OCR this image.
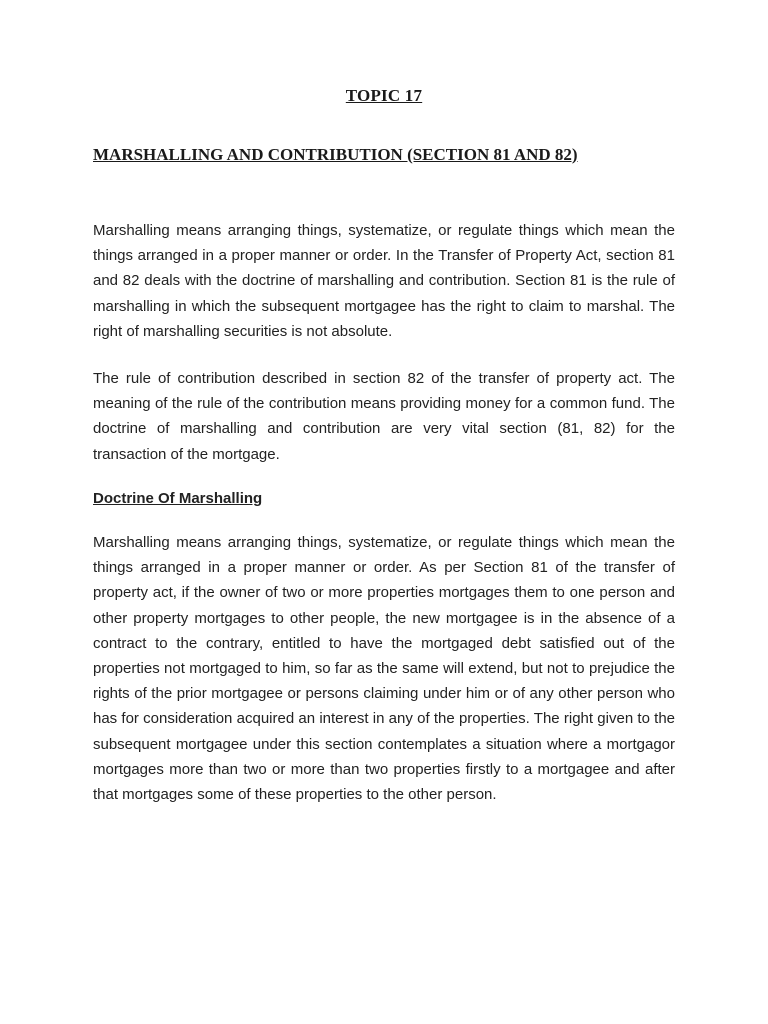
TOPIC 17
MARSHALLING AND CONTRIBUTION (SECTION 81 AND 82)

Marshalling means arranging things, systematize, or regulate things which mean the things arranged in a proper manner or order. In the Transfer of Property Act, section 81 and 82 deals with the doctrine of marshalling and contribution. Section 81 is the rule of marshalling in which the subsequent mortgagee has the right to claim to marshal. The right of marshalling securities is not absolute.

The rule of contribution described in section 82 of the transfer of property act. The meaning of the rule of the contribution means providing money for a common fund. The doctrine of marshalling and contribution are very vital section (81, 82) for the transaction of the mortgage.

Doctrine Of Marshalling

Marshalling means arranging things, systematize, or regulate things which mean the things arranged in a proper manner or order. As per Section 81 of the transfer of property act, if the owner of two or more properties mortgages them to one person and other property mortgages to other people, the new mortgagee is in the absence of a contract to the contrary, entitled to have the mortgaged debt satisfied out of the properties not mortgaged to him, so far as the same will extend, but not to prejudice the rights of the prior mortgagee or persons claiming under him or of any other person who has for consideration acquired an interest in any of the properties. The right given to the subsequent mortgagee under this section contemplates a situation where a mortgagor mortgages more than two or more than two properties firstly to a mortgagee and after that mortgages some of these properties to the other person.
